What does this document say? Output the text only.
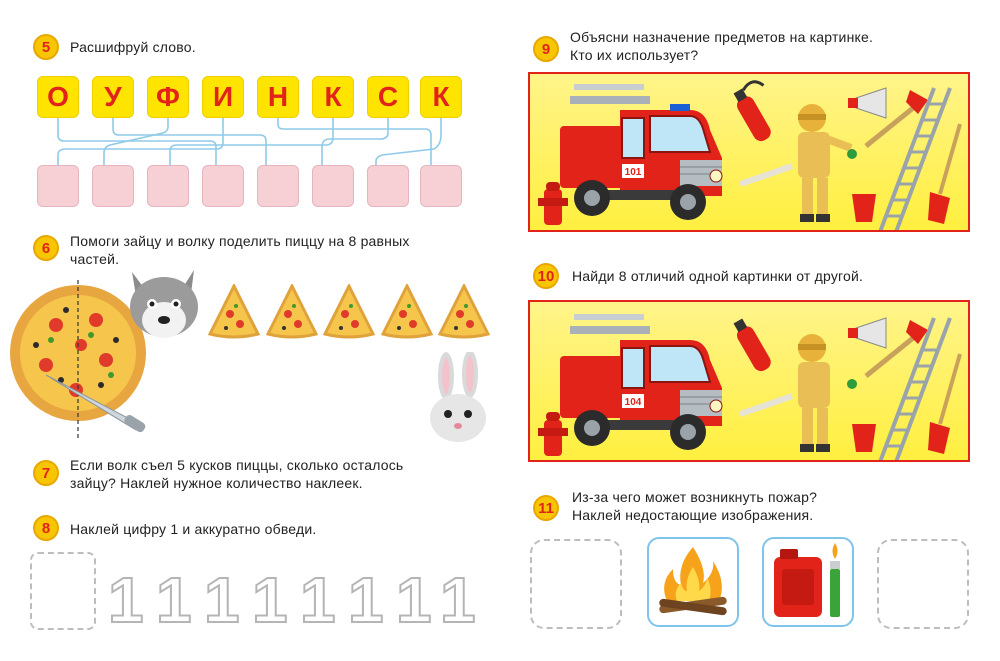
5	Расшифруй слово.
О	У	Ф	И	Н	К	С	К
6	Помоги зайцу и волку поделить пиццу на 8 равных
частей.
7	Если волк съел 5 кусков пиццы, сколько осталось
зайцу? Наклей нужное количество наклеек.
8	Наклей цифру 1 и аккуратно обведи.
1 1 1 1 1 1 1 1
9
Объясни назначение предметов на картинке.
Кто их использует?
101
10	Найди 8 отличий одной картинки от другой.
104
11
Из-за чего может возникнуть пожар?
Наклей недостающие изображения.
